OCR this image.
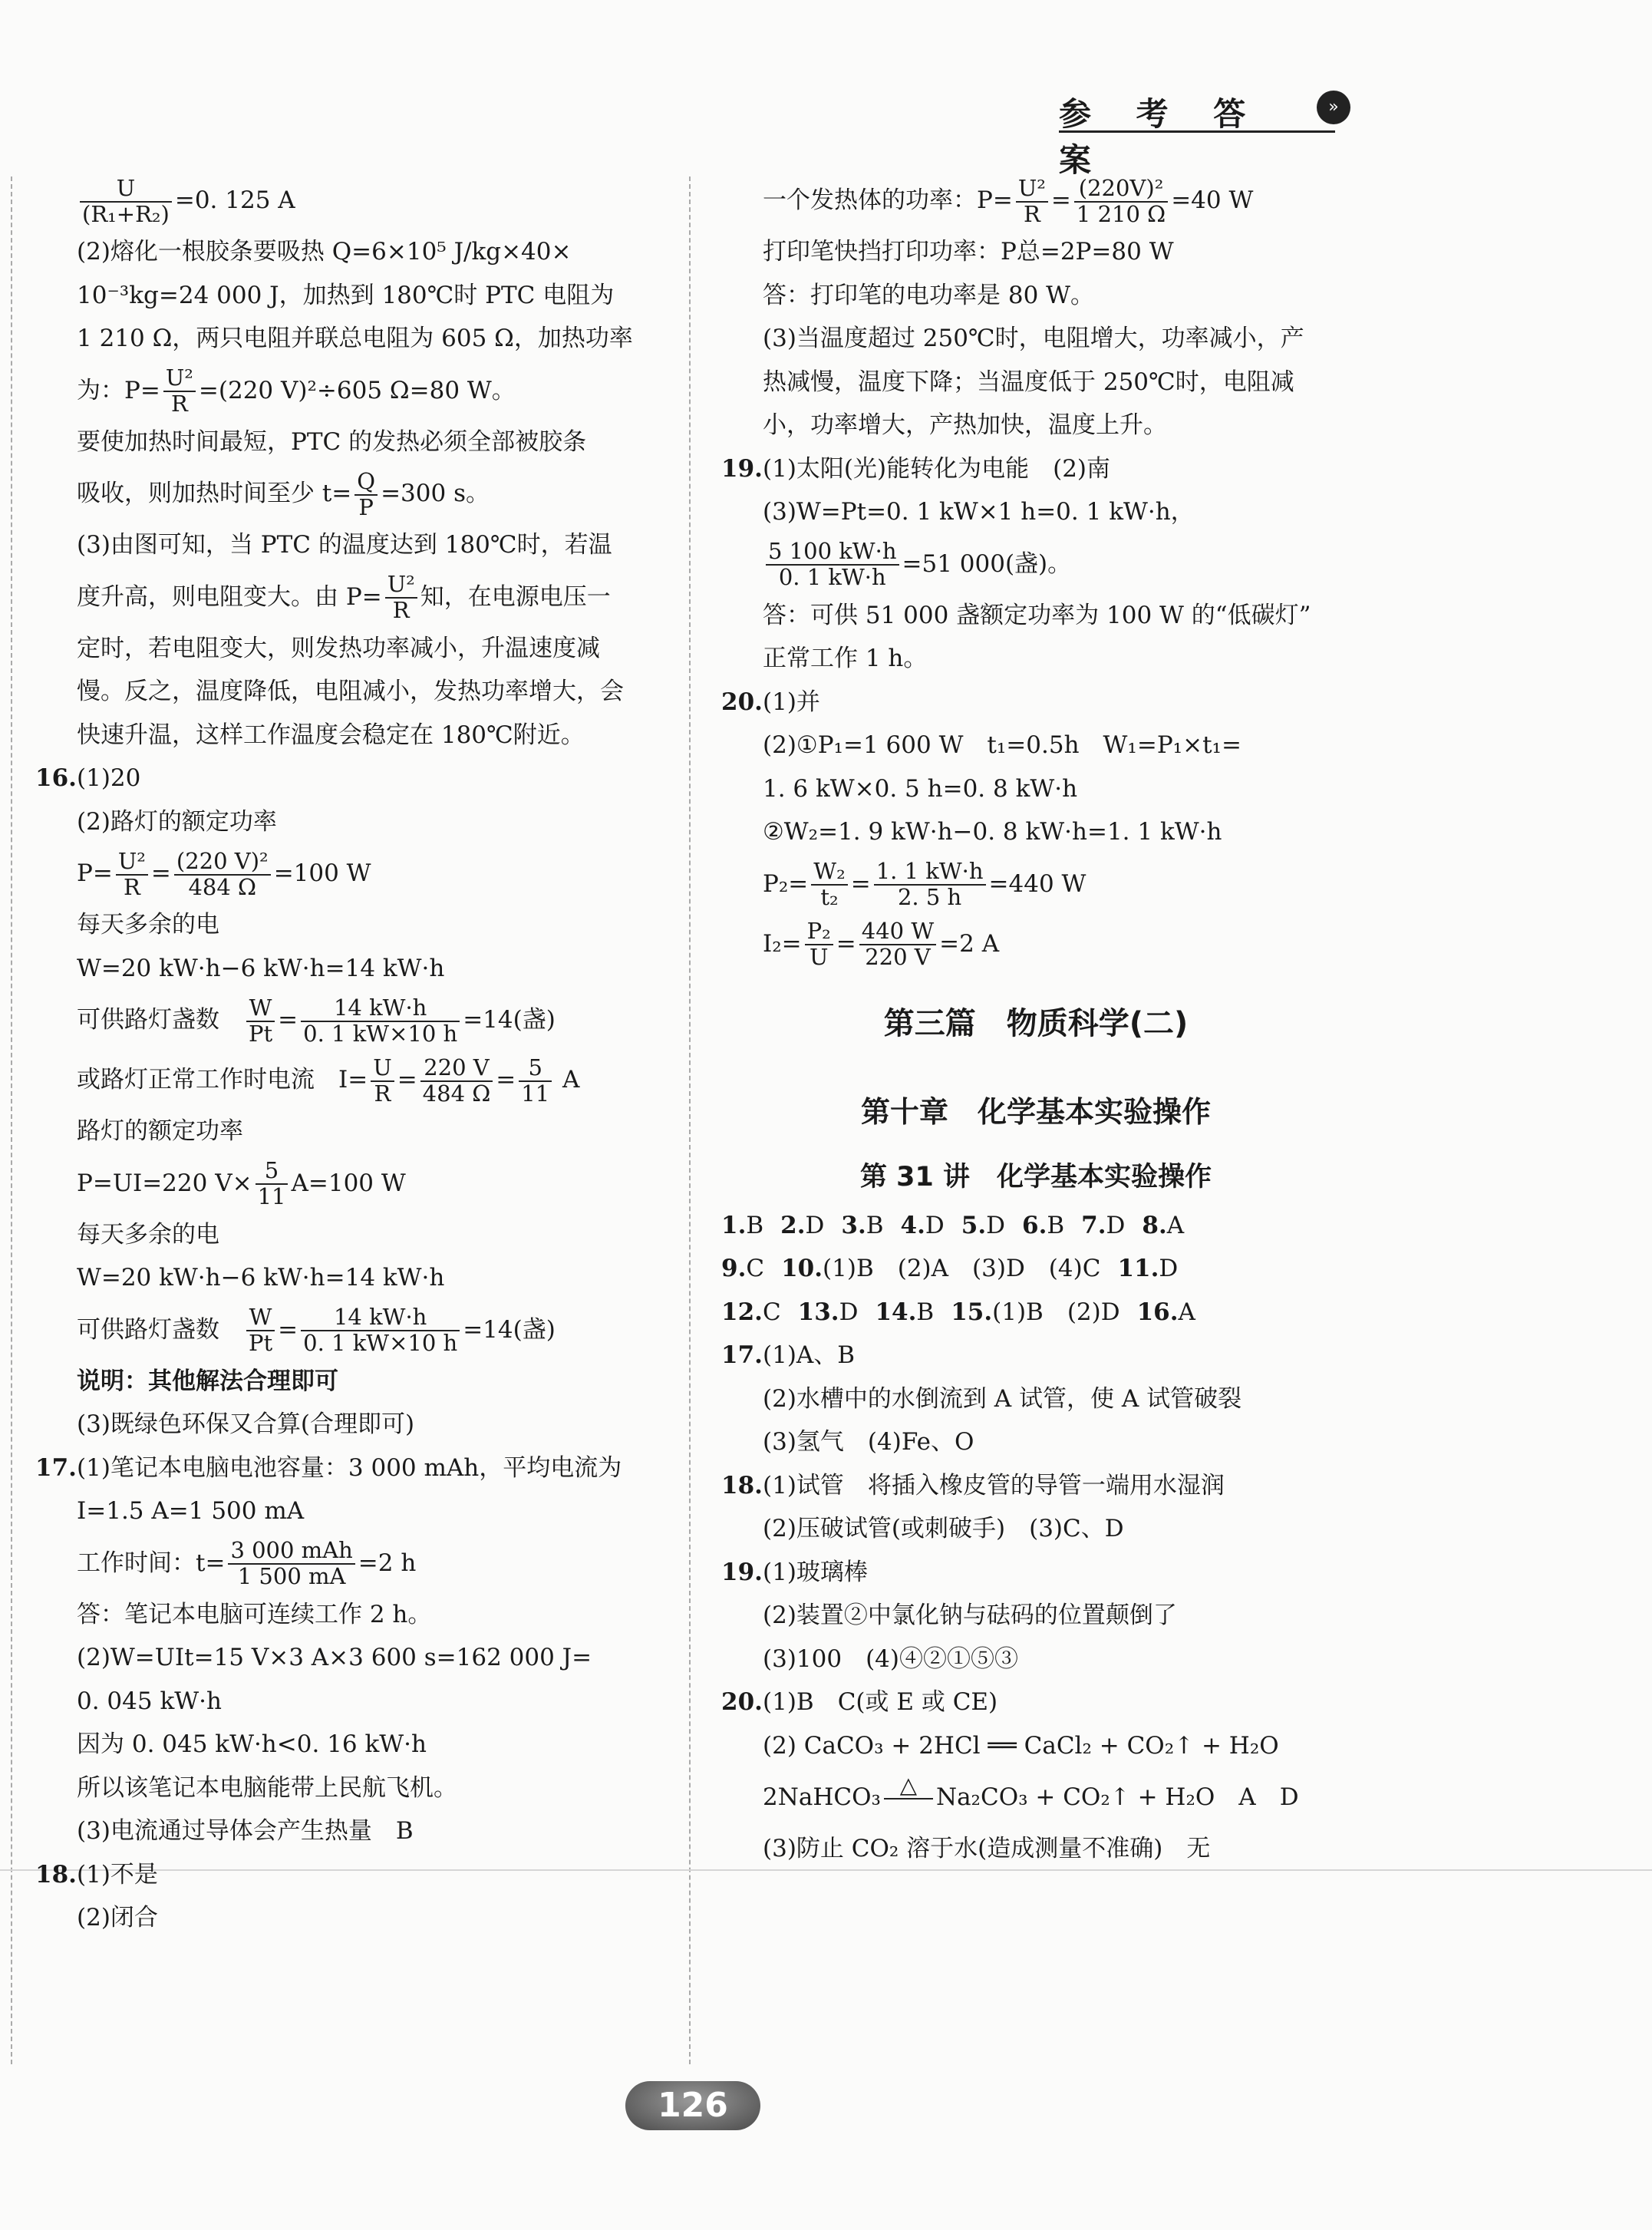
参 考 答 案
»
$\frac{U}{\text{(R₁+R₂)}} =0$. 125 A
(2)熔化一根胶条要吸热 Q=6×10⁵ J/kg×40×
10⁻³kg=24 000 J，加热到 180℃时 PTC 电阻为
1 210 Ω，两只电阻并联总电阻为 605 Ω，加热功率
为：$P= \frac{\text{U²}}{R} =(220$ V)²÷605 Ω=80 W。
要使加热时间最短，PTC 的发热必须全部被胶条
吸收，则加热时间至少 $t= \frac{Q}{P} =300$ s。
(3)由图可知，当 PTC 的温度达到 180℃时，若温
度升高，则电阻变大。由 $P= \frac{\text{U²}}{R}$ 知，在电源电压一
定时，若电阻变大，则发热功率减小，升温速度减
慢。反之，温度降低，电阻减小，发热功率增大，会
快速升温，这样工作温度会稳定在 180℃附近。
16.(1)20
(2)路灯的额定功率
$P= \frac{\text{U²}}{R} = \frac{\text{(220 V)²}}{484 \Omega} =100$ W
每天多余的电
W=20 kW·h−6 kW·h=14 kW·h
可供路灯盏数　 $\frac{W}{Pt} = \frac{14 kW\cdot h}{0. 1 kW\times 10 h} =14$(盏)
或路灯正常工作时电流　 $I= \frac{U}{R} = \frac{220 V}{484 \Omega} = \frac{5}{11}$ A
路灯的额定功率
P=UI=220 $V\times \frac{5}{11} A=100$ W
每天多余的电
W=20 kW·h−6 kW·h=14 kW·h
可供路灯盏数　 $\frac{W}{Pt} = \frac{14 kW\cdot h}{0. 1 kW\times 10 h} =14$(盏)
说明：其他解法合理即可
(3)既绿色环保又合算(合理即可)
17.(1)笔记本电脑电池容量：3 000 mAh，平均电流为
I=1.5 A=1 500 mA
工作时间：$t= \frac{\text{3 000 mAh}}{1 500 mA} =2$ h
答：笔记本电脑可连续工作 2 h。
(2)W=UIt=15 V×3 A×3 600 s=162 000 J=
0. 045 kW·h
因为 0. 045 kW·h<0. 16 kW·h
所以该笔记本电脑能带上民航飞机。
(3)电流通过导体会产生热量　B
18.(1)不是
(2)闭合
一个发热体的功率：$P= \frac{\text{U²}}{R} = \frac{\text{(220V)²}}{1 210 \Omega} =40$ W
打印笔快挡打印功率：P总=2P=80 W
答：打印笔的电功率是 80 W。
(3)当温度超过 250℃时，电阻增大，功率减小，产
热减慢，温度下降；当温度低于 250℃时，电阻减
小，功率增大，产热加快，温度上升。
19.(1)太阳(光)能转化为电能　(2)南
(3)W=Pt=0. 1 kW×1 h=0. 1 kW·h，
$\frac{5 100 kW\cdot h}{0. 1 kW\cdot h} =51$ 000(盏)。
答：可供 51 000 盏额定功率为 100 W 的“低碳灯”
正常工作 1 h。
20.(1)并
(2)①P₁=1 600 W　t₁=0.5h　W₁=P₁×t₁=
1. 6 kW×0. 5 h=0. 8 kW·h
②W₂=1. 9 kW·h−0. 8 kW·h=1. 1 kW·h
$P_2= \frac{\text{W₂}}{\text{t₂}} = \frac{1. 1 kW\cdot h}{2. 5 h} =440$ W
$I_2= \frac{\text{P₂}}{U} = \frac{440 W}{220 V} =2$ A
第三篇　物质科学(二)
第十章　化学基本实验操作
第 31 讲　化学基本实验操作
1.B 2.D 3.B 4.D 5.D 6.B 7.D 8.A
9.C 10.(1)B　(2)A　(3)D　(4)C 11.D
12.C 13.D 14.B 15.(1)B　(2)D 16.A
17.(1)A、B
(2)水槽中的水倒流到 A 试管，使 A 试管破裂
(3)氢气　(4)Fe、O
18.(1)试管　将插入橡皮管的导管一端用水湿润
(2)压破试管(或刺破手)　(3)C、D
19.(1)玻璃棒
(2)装置②中氯化钠与砝码的位置颠倒了
(3)100　(4)④②①⑤③
20.(1)B　C(或 E 或 CE)
(2) CaCO₃ + 2HCl ══ CaCl₂ + CO₂↑ + H₂O
2NaHCO₃ △
   Na₂CO₃ + CO₂↑ + H₂O　A　D
(3)防止 CO₂ 溶于水(造成测量不准确)　无
126
